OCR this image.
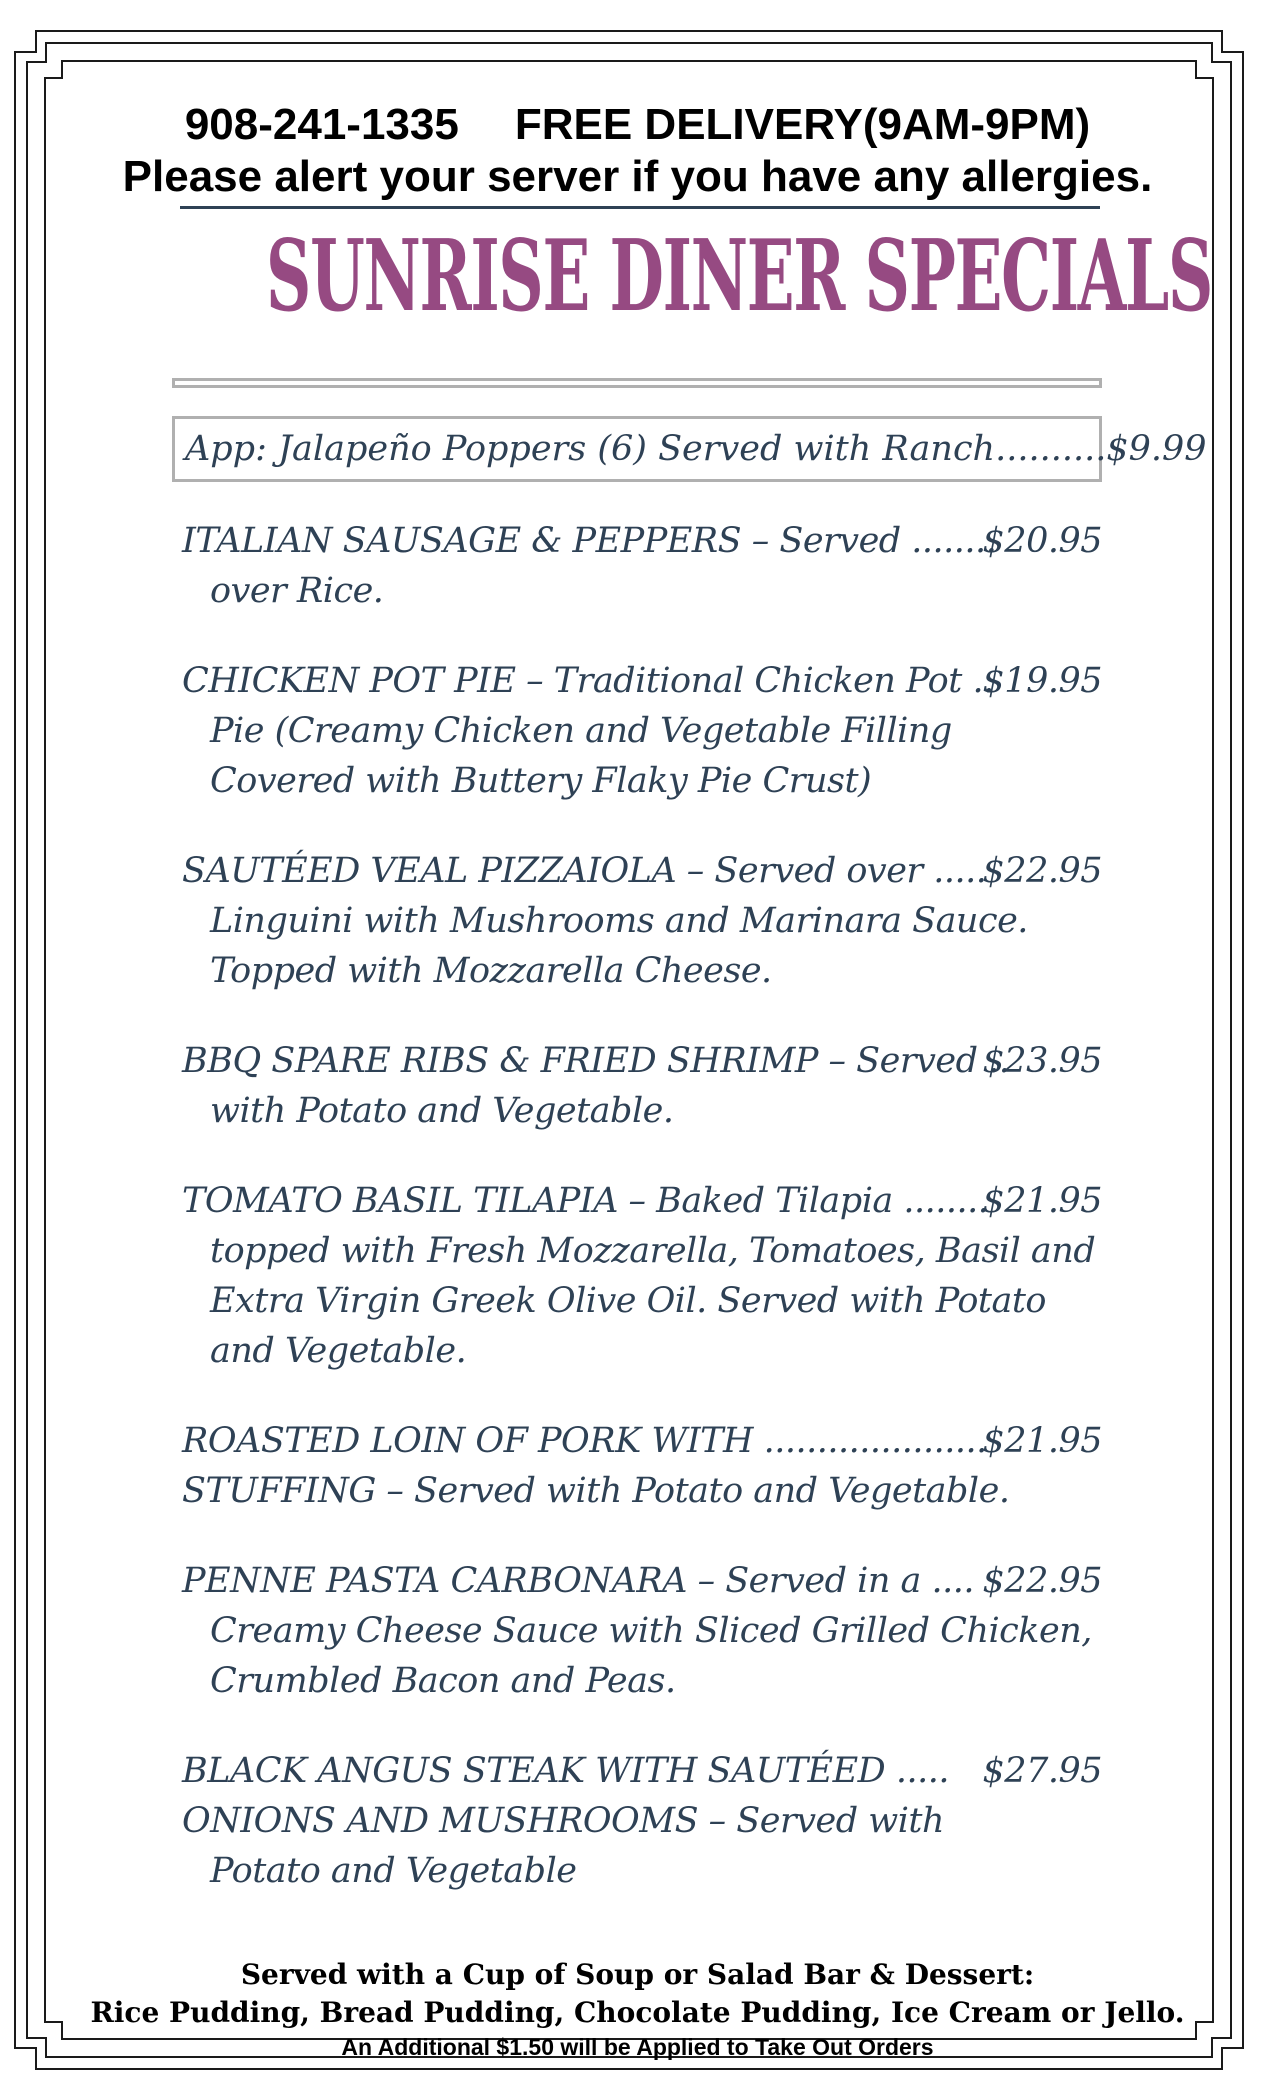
908-241-1335 FREE DELIVERY(9AM-9PM)
Please alert your server if you have any allergies.
SUNRISE DINER SPECIALS
App: Jalapeño Poppers (6) Served with Ranch..........$9.99
ITALIAN SAUSAGE & PEPPERS – Served ........
$20.95
over Rice.
CHICKEN POT PIE – Traditional Chicken Pot ..
$19.95
Pie (Creamy Chicken and Vegetable Filling
Covered with Buttery Flaky Pie Crust)
SAUTÉED VEAL PIZZAIOLA – Served over .....
$22.95
Linguini with Mushrooms and Marinara Sauce.
Topped with Mozzarella Cheese.
BBQ SPARE RIBS & FRIED SHRIMP – Served ..
$23.95
with Potato and Vegetable.
TOMATO BASIL TILAPIA – Baked Tilapia ........
$21.95
topped with Fresh Mozzarella, Tomatoes, Basil and
Extra Virgin Greek Olive Oil. Served with Potato
and Vegetable.
ROASTED LOIN OF PORK WITH .....................
$21.95
STUFFING – Served with Potato and Vegetable.
PENNE PASTA CARBONARA – Served in a .... $22.95
Creamy Cheese Sauce with Sliced Grilled Chicken,
Crumbled Bacon and Peas.
BLACK ANGUS STEAK WITH SAUTÉED ..... $27.95
ONIONS AND MUSHROOMS – Served with
Potato and Vegetable
Served with a Cup of Soup or Salad Bar & Dessert:
Rice Pudding, Bread Pudding, Chocolate Pudding, Ice Cream or Jello.
An Additional $1.50 will be Applied to Take Out Orders
